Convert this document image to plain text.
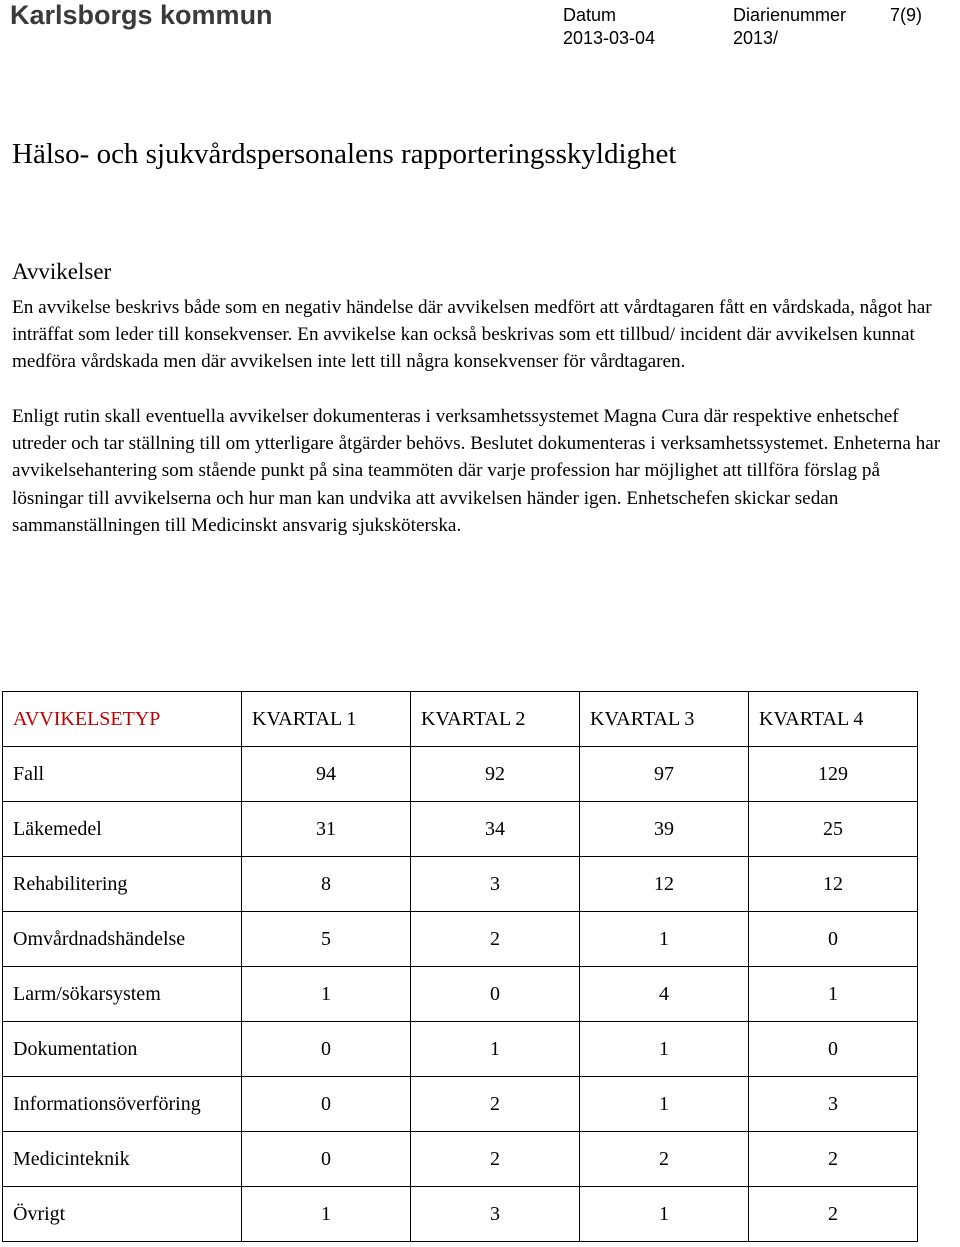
Karlsborgs kommun	Datum
2013-03-04
Diarienummer
2013/
7(9)
Hälso- och sjukvårdspersonalens rapporteringsskyldighet
Avvikelser

En avvikelse beskrivs både som en negativ händelse där avvikelsen medfört att vårdtagaren fått en vårdskada, något har inträffat som leder till konsekvenser. En avvikelse kan också beskrivas som ett tillbud/ incident där avvikelsen kunnat medföra vårdskada men där avvikelsen inte lett till några konsekvenser för vårdtagaren.

Enligt rutin skall eventuella avvikelser dokumenteras i verksamhetssystemet Magna Cura där respektive enhetschef utreder och tar ställning till om ytterligare åtgärder behövs. Beslutet dokumenteras i verksamhetssystemet. Enheterna har avvikelsehantering som stående punkt på sina teammöten där varje profession har möjlighet att tillföra förslag på lösningar till avvikelserna och hur man kan undvika att avvikelsen händer igen. Enhetschefen skickar sedan sammanställningen till Medicinskt ansvarig sjuksköterska.

AVVIKELSETYP	KVARTAL 1	KVARTAL 2	KVARTAL 3	KVARTAL 4
Fall	94	92	97	129
Läkemedel	31	34	39	25
Rehabilitering	8	3	12	12
Omvårdnadshändelse	5	2	1	0
Larm/sökarsystem	1	0	4	1
Dokumentation	0	1	1	0
Informationsöverföring	0	2	1	3
Medicinteknik	0	2	2	2
Övrigt	1	3	1	2
